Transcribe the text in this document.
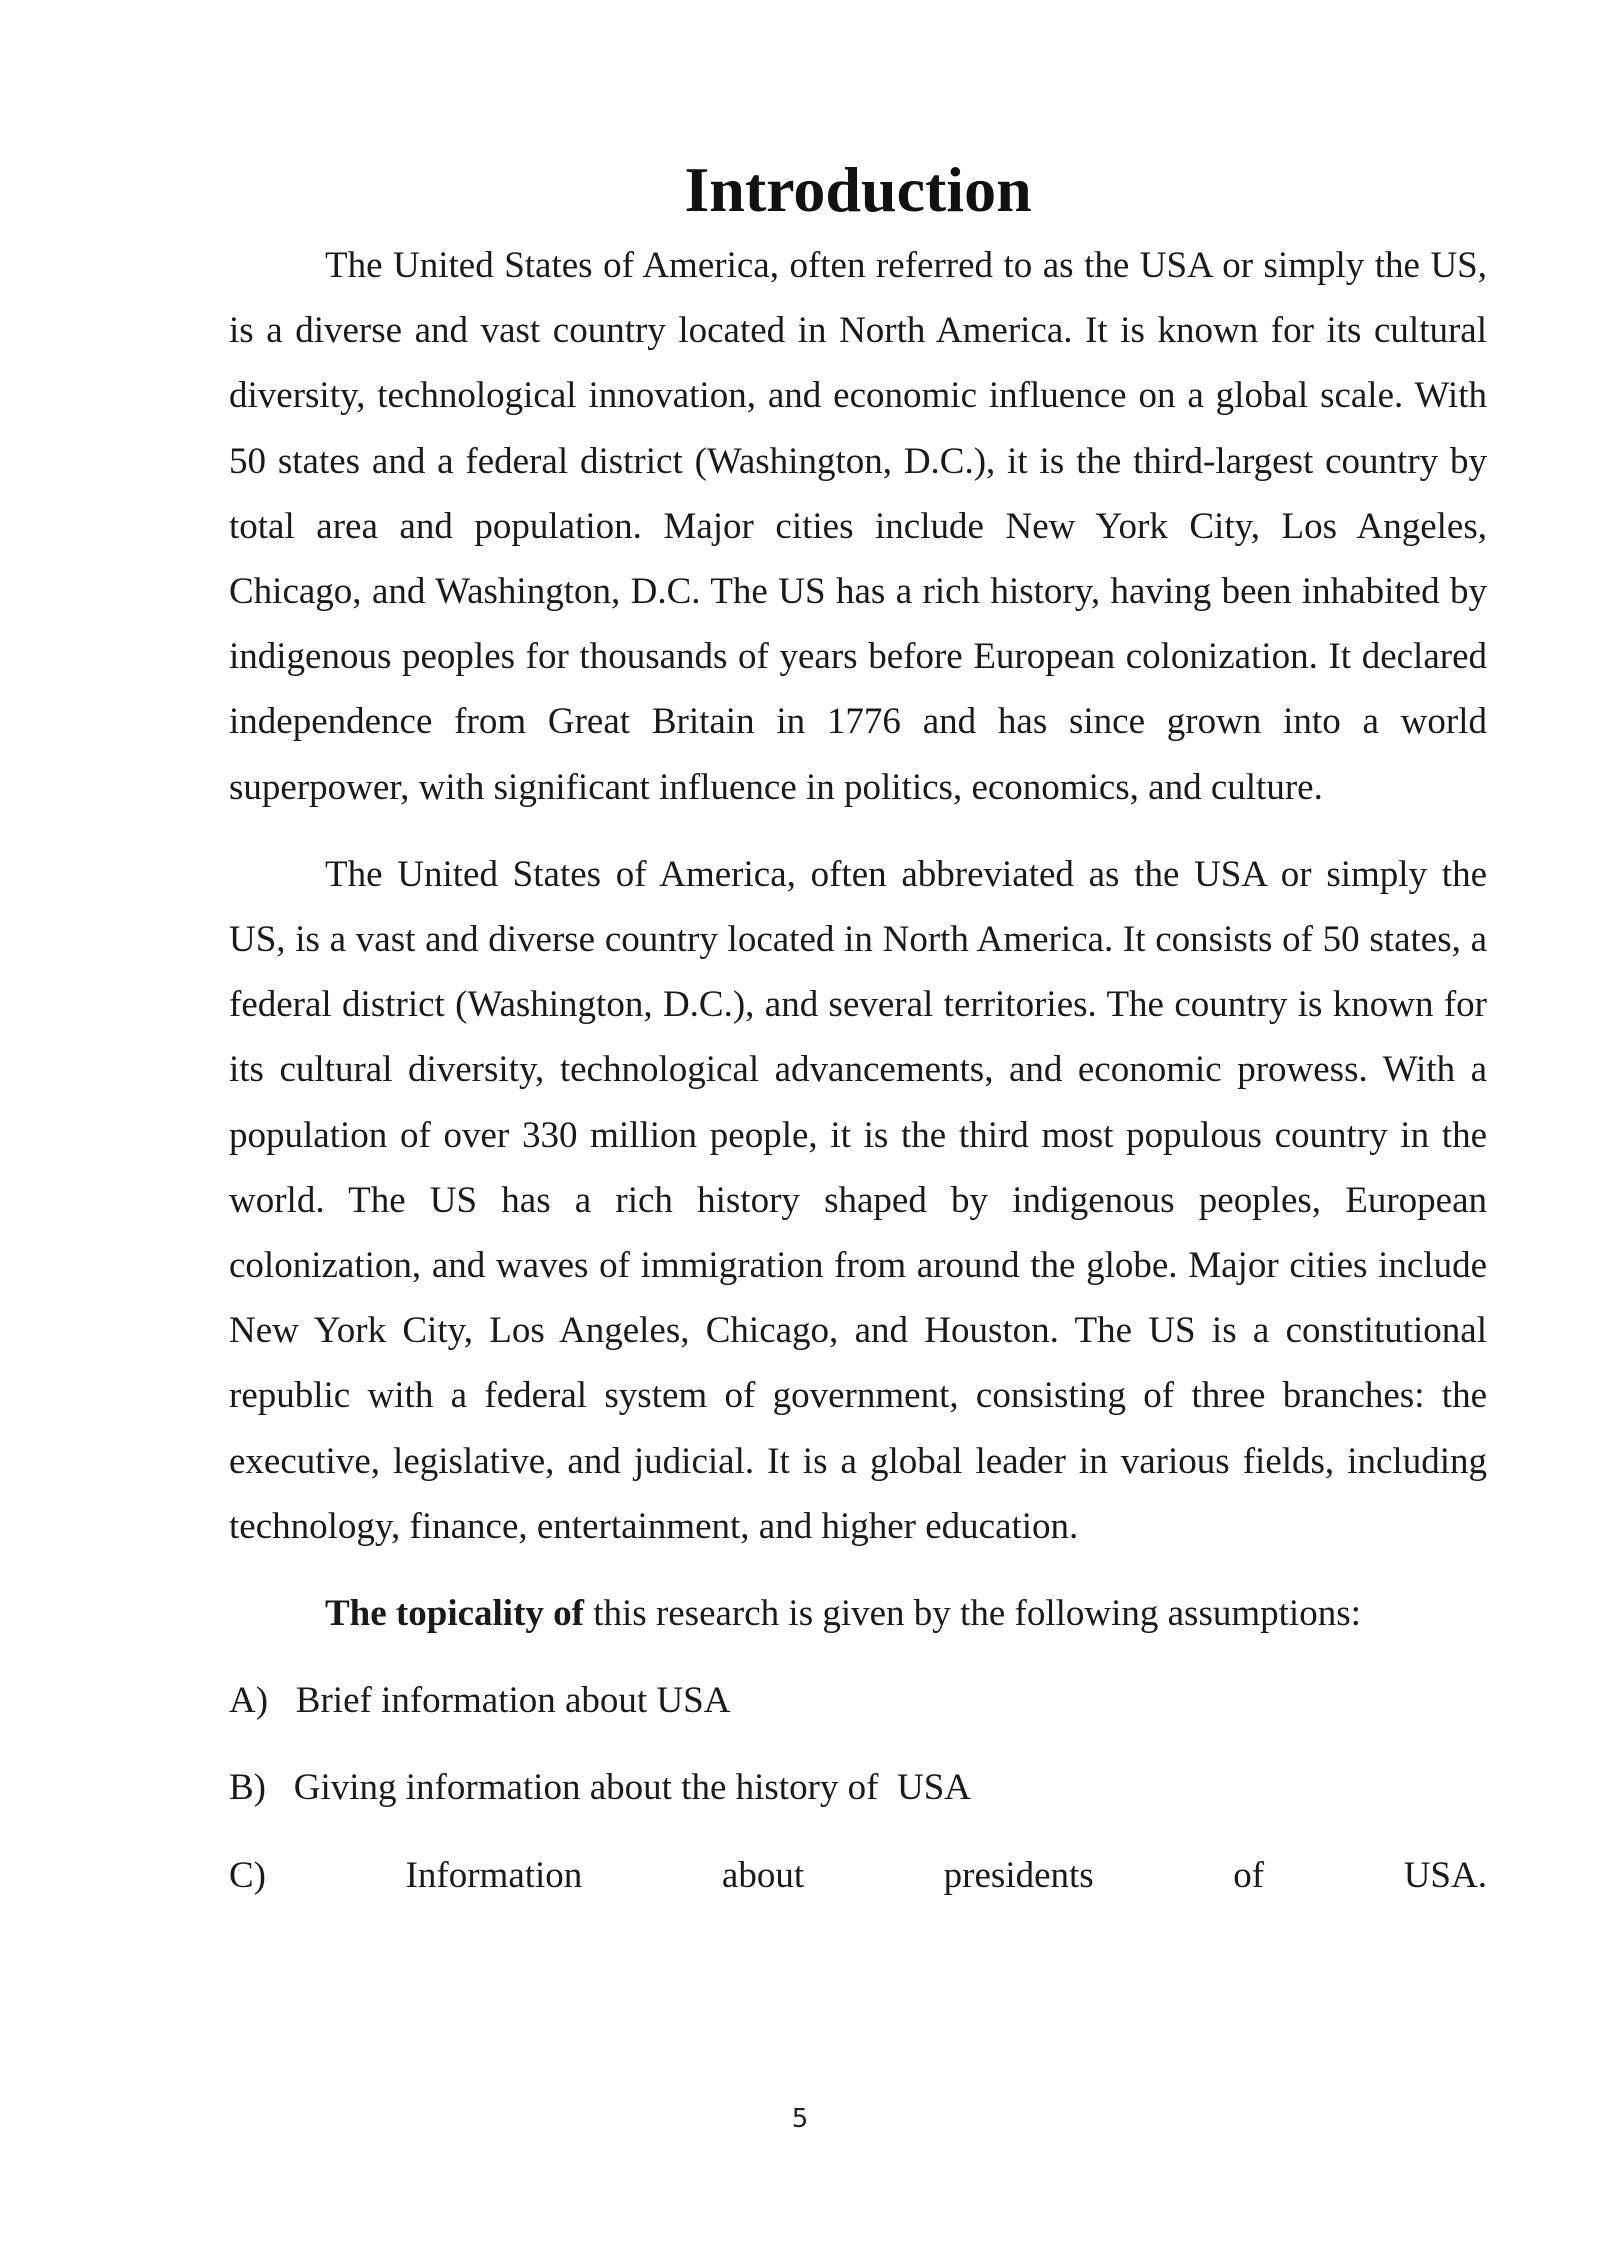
Introduction

The United States of America, often referred to as the USA or simply the US, is a diverse and vast country located in North America. It is known for its cultural diversity, technological innovation, and economic influence on a global scale. With 50 states and a federal district (Washington, D.C.), it is the third-largest country by total area and population. Major cities include New York City, Los Angeles, Chicago, and Washington, D.C. The US has a rich history, having been inhabited by indigenous peoples for thousands of years before European colonization. It declared independence from Great Britain in 1776 and has since grown into a world superpower, with significant influence in politics, economics, and culture.

The United States of America, often abbreviated as the USA or simply the US, is a vast and diverse country located in North America. It consists of 50 states, a federal district (Washington, D.C.), and several territories. The country is known for its cultural diversity, technological advancements, and economic prowess. With a population of over 330 million people, it is the third most populous country in the world. The US has a rich history shaped by indigenous peoples, European colonization, and waves of immigration from around the globe. Major cities include New York City, Los Angeles, Chicago, and Houston. The US is a constitutional republic with a federal system of government, consisting of three branches: the executive, legislative, and judicial. It is a global leader in various fields, including technology, finance, entertainment, and higher education.

The topicality of this research is given by the following assumptions:

A)   Brief information about USA
B)   Giving information about the history of  USA
C)	Information	about	presidents	of	USA.
5
